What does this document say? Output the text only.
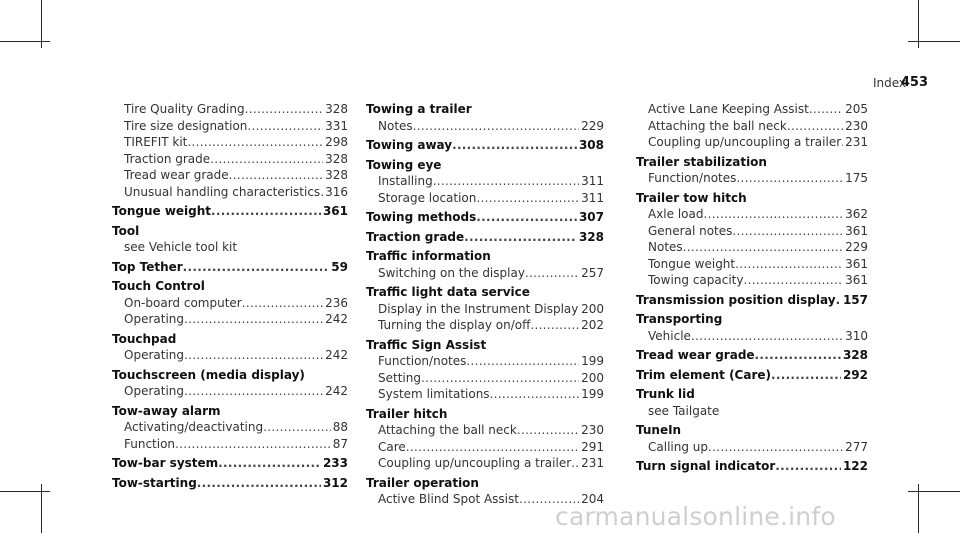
Index
453
Tire Quality Grading .....	328
Tire size designation .....	331
TIREFIT kit .....	298
Traction grade .....	328
Tread wear grade .....	328
Unusual handling characteristics ..... 316
Tongue weight .....	361
Tool
see Vehicle tool kit
Top Tether .....	59
Touch Control
On-board computer .....	236
Operating .....	242
Touchpad
Operating .....	242
Touchscreen (media display)
Operating .....	242
Tow-away alarm
Activating/deactivating .....	88
Function .....	87
Tow-bar system .....	233
Tow-starting .....	312
Towing a trailer
Notes .....	229
Towing away .....	308
Towing eye
Installing .....	311
Storage location .....	311
Towing methods .....	307
Traction grade .....	328
Traffic information
Switching on the display .....	257
Traffic light data service
Display in the Instrument Display ..... 200
Turning the display on/off .....	202
Traffic Sign Assist
Function/notes .....	199
Setting .....	200
System limitations .....	199
Trailer hitch
Attaching the ball neck .....	230
Care .....	291
Coupling up/uncoupling a trailer ..... 231
Trailer operation
Active Blind Spot Assist .....	204
Active Lane Keeping Assist .....	205
Attaching the ball neck .....	230
Coupling up/uncoupling a trailer ..... 231
Trailer stabilization
Function/notes .....	175
Trailer tow hitch
Axle load .....	362
General notes .....	361
Notes .....	229
Tongue weight .....	361
Towing capacity .....	361
Transmission position display ..... 157
Transporting
Vehicle .....	310
Tread wear grade .....	328
Trim element (Care) .....	292
Trunk lid
see Tailgate
TuneIn
Calling up .....	277
Turn signal indicator .....	122
carmanualsonline.info
